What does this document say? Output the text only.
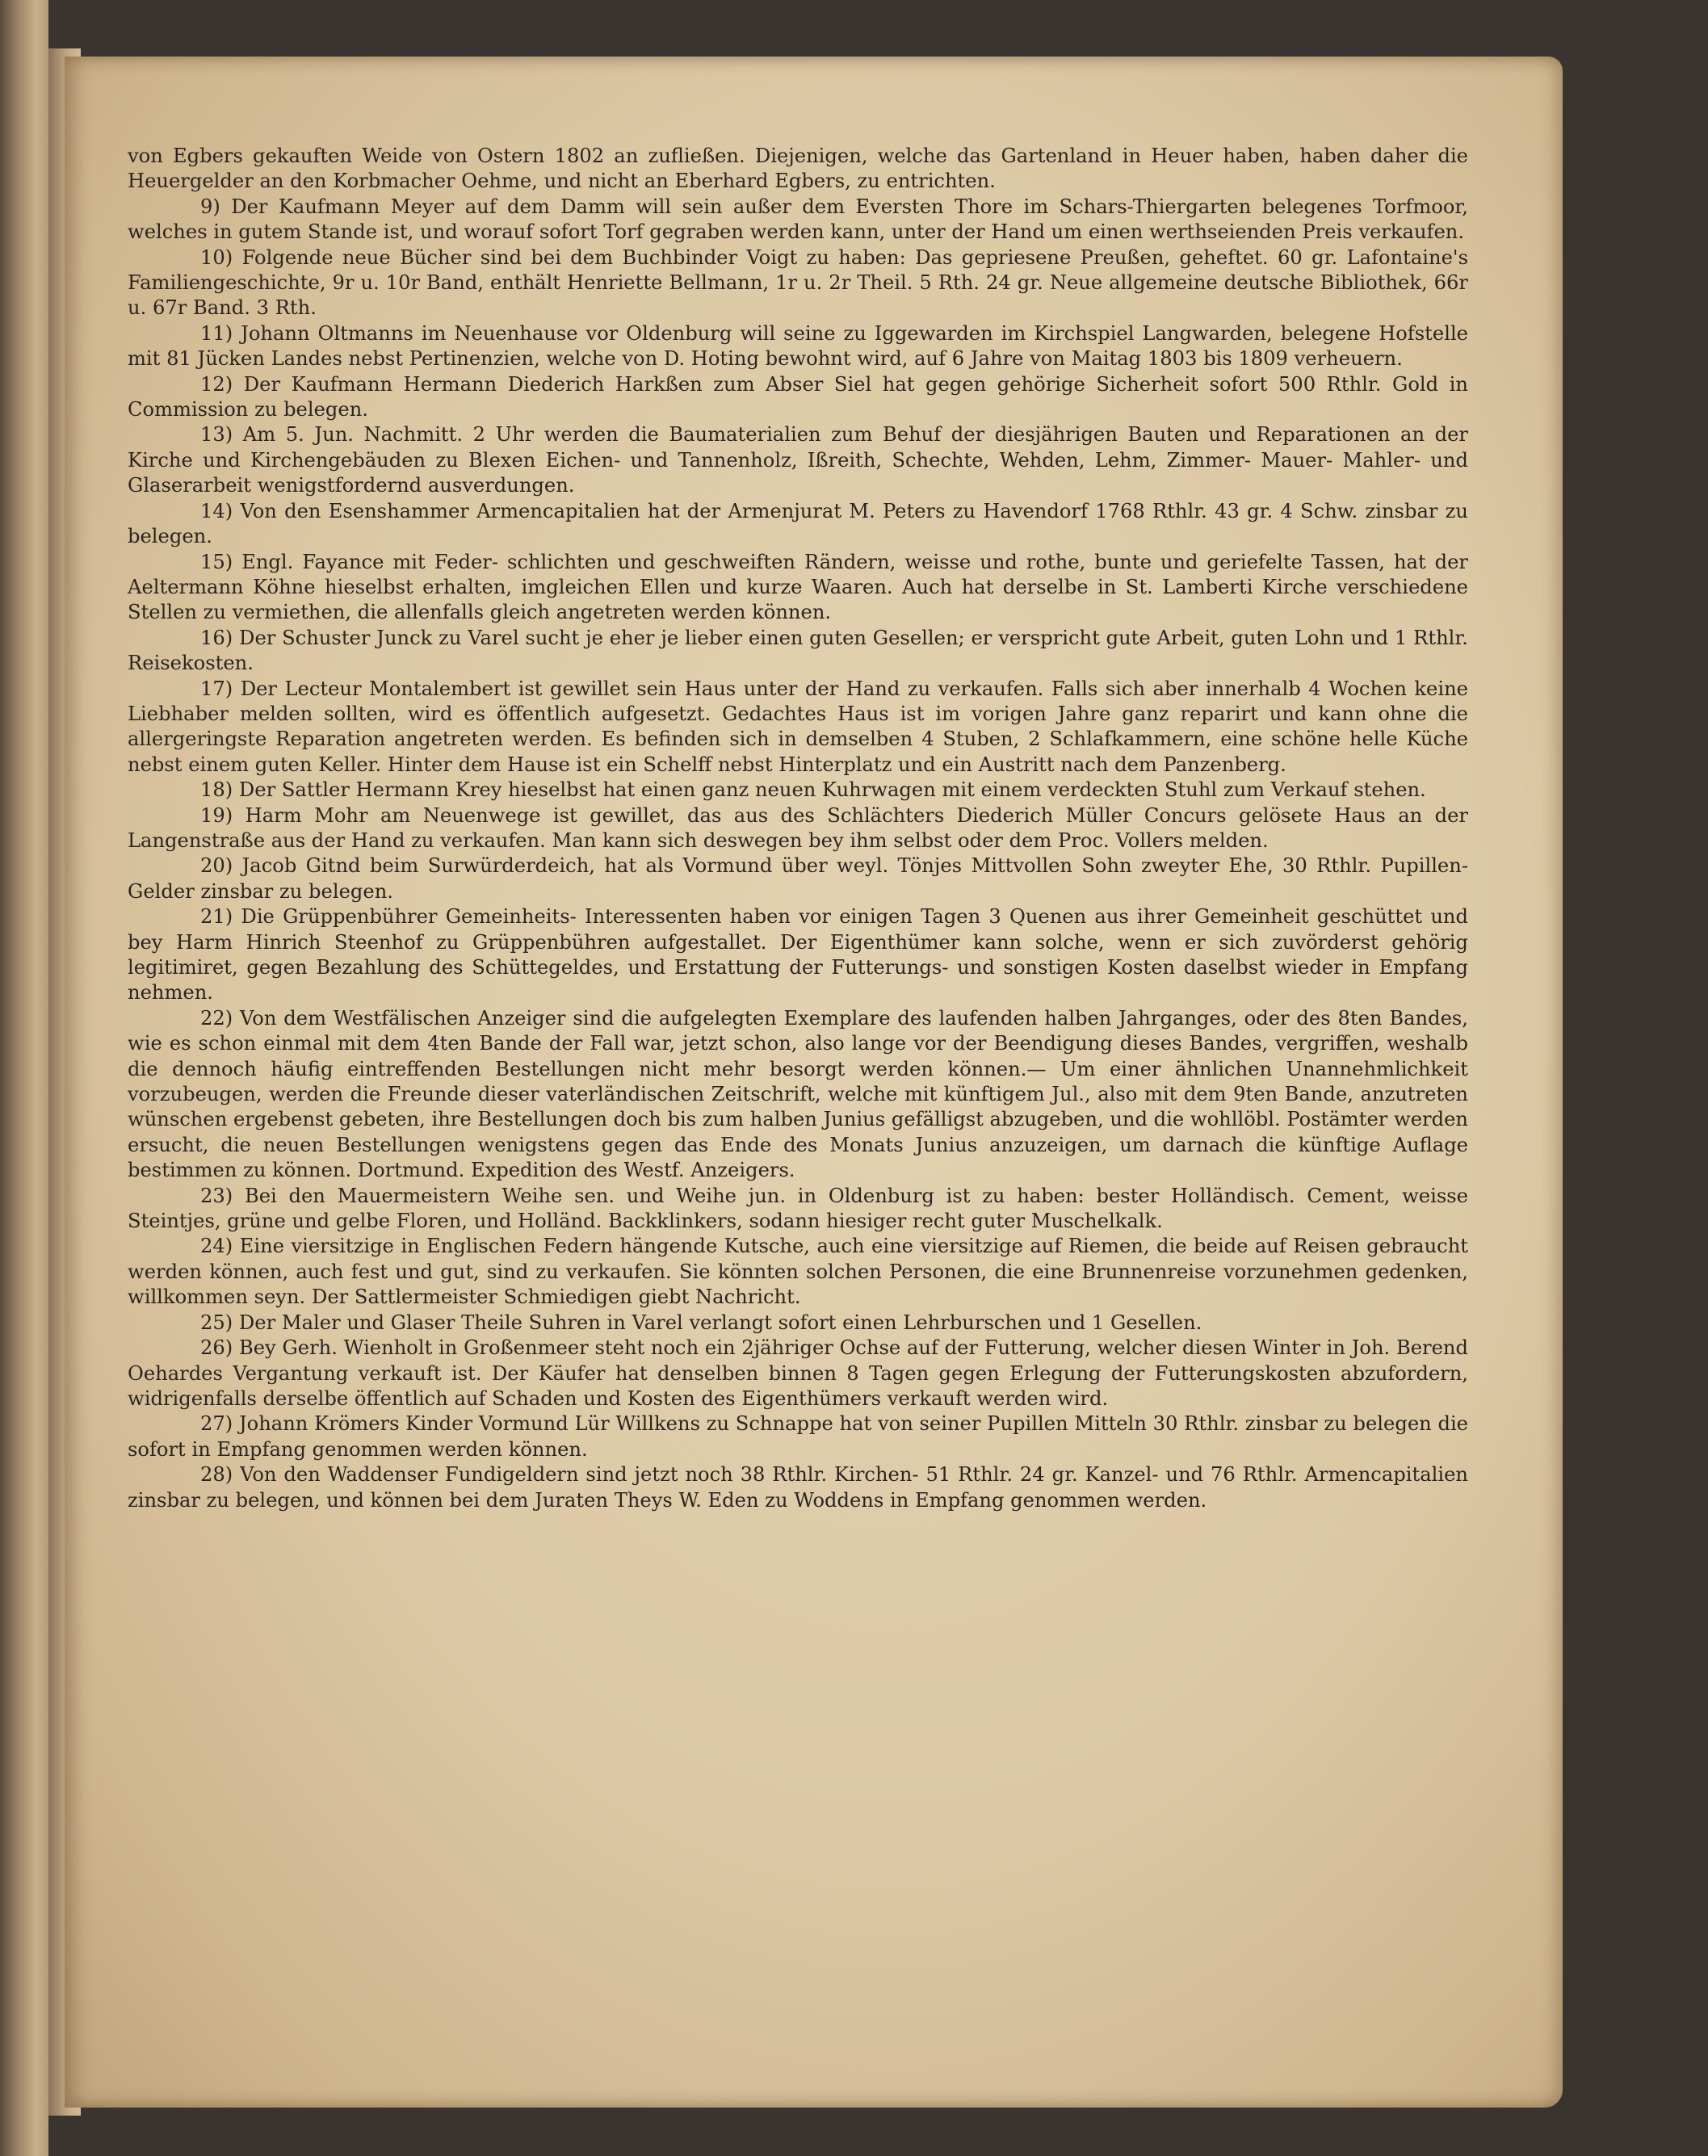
von Egbers gekauften Weide von Ostern 1802 an zufließen. Diejenigen, welche das Gartenland in Heuer haben, haben daher die Heuergelder an den Korbmacher Oehme, und nicht an Eberhard Egbers, zu entrichten.

9) Der Kaufmann Meyer auf dem Damm will sein außer dem Eversten Thore im Schars-Thiergarten belegenes Torfmoor, welches in gutem Stande ist, und worauf sofort Torf gegraben werden kann, unter der Hand um einen werthseienden Preis verkaufen.

10) Folgende neue Bücher sind bei dem Buchbinder Voigt zu haben: Das gepriesene Preußen, geheftet. 60 gr. Lafontaine's Familiengeschichte, 9r u. 10r Band, enthält Henriette Bellmann, 1r u. 2r Theil. 5 Rth. 24 gr. Neue allgemeine deutsche Bibliothek, 66r u. 67r Band. 3 Rth.

11) Johann Oltmanns im Neuenhause vor Oldenburg will seine zu Iggewarden im Kirchspiel Langwarden, belegene Hofstelle mit 81 Jücken Landes nebst Pertinenzien, welche von D. Hoting bewohnt wird, auf 6 Jahre von Maitag 1803 bis 1809 verheuern.

12) Der Kaufmann Hermann Diederich Harkßen zum Abser Siel hat gegen gehörige Sicherheit sofort 500 Rthlr. Gold in Commission zu belegen.

13) Am 5. Jun. Nachmitt. 2 Uhr werden die Baumaterialien zum Behuf der diesjährigen Bauten und Reparationen an der Kirche und Kirchengebäuden zu Blexen Eichen- und Tannenholz, Ißreith, Schechte, Wehden, Lehm, Zimmer- Mauer- Mahler- und Glaserarbeit wenigstfordernd ausverdungen.

14) Von den Esenshammer Armencapitalien hat der Armenjurat M. Peters zu Havendorf 1768 Rthlr. 43 gr. 4 Schw. zinsbar zu belegen.

15) Engl. Fayance mit Feder- schlichten und geschweiften Rändern, weisse und rothe, bunte und geriefelte Tassen, hat der Aeltermann Köhne hieselbst erhalten, imgleichen Ellen und kurze Waaren. Auch hat derselbe in St. Lamberti Kirche verschiedene Stellen zu vermiethen, die allenfalls gleich angetreten werden können.

16) Der Schuster Junck zu Varel sucht je eher je lieber einen guten Gesellen; er verspricht gute Arbeit, guten Lohn und 1 Rthlr. Reisekosten.

17) Der Lecteur Montalembert ist gewillet sein Haus unter der Hand zu verkaufen. Falls sich aber innerhalb 4 Wochen keine Liebhaber melden sollten, wird es öffentlich aufgesetzt. Gedachtes Haus ist im vorigen Jahre ganz reparirt und kann ohne die allergeringste Reparation angetreten werden. Es befinden sich in demselben 4 Stuben, 2 Schlafkammern, eine schöne helle Küche nebst einem guten Keller. Hinter dem Hause ist ein Schelff nebst Hinterplatz und ein Austritt nach dem Panzenberg.

18) Der Sattler Hermann Krey hieselbst hat einen ganz neuen Kuhrwagen mit einem verdeckten Stuhl zum Verkauf stehen.

19) Harm Mohr am Neuenwege ist gewillet, das aus des Schlächters Diederich Müller Concurs gelösete Haus an der Langenstraße aus der Hand zu verkaufen. Man kann sich deswegen bey ihm selbst oder dem Proc. Vollers melden.

20) Jacob Gitnd beim Surwürderdeich, hat als Vormund über weyl. Tönjes Mittvollen Sohn zweyter Ehe, 30 Rthlr. Pupillen-Gelder zinsbar zu belegen.

21) Die Grüppenbührer Gemeinheits- Interessenten haben vor einigen Tagen 3 Quenen aus ihrer Gemeinheit geschüttet und bey Harm Hinrich Steenhof zu Grüppenbühren aufgestallet. Der Eigenthümer kann solche, wenn er sich zuvörderst gehörig legitimiret, gegen Bezahlung des Schüttegeldes, und Erstattung der Futterungs- und sonstigen Kosten daselbst wieder in Empfang nehmen.

22) Von dem Westfälischen Anzeiger sind die aufgelegten Exemplare des laufenden halben Jahrganges, oder des 8ten Bandes, wie es schon einmal mit dem 4ten Bande der Fall war, jetzt schon, also lange vor der Beendigung dieses Bandes, vergriffen, weshalb die dennoch häufig eintreffenden Bestellungen nicht mehr besorgt werden können.— Um einer ähnlichen Unannehmlichkeit vorzubeugen, werden die Freunde dieser vaterländischen Zeitschrift, welche mit künftigem Jul., also mit dem 9ten Bande, anzutreten wünschen ergebenst gebeten, ihre Bestellungen doch bis zum halben Junius gefälligst abzugeben, und die wohllöbl. Postämter werden ersucht, die neuen Bestellungen wenigstens gegen das Ende des Monats Junius anzuzeigen, um darnach die künftige Auflage bestimmen zu können. Dortmund. Expedition des Westf. Anzeigers.

23) Bei den Mauermeistern Weihe sen. und Weihe jun. in Oldenburg ist zu haben: bester Holländisch. Cement, weisse Steintjes, grüne und gelbe Floren, und Holländ. Backklinkers, sodann hiesiger recht guter Muschelkalk.

24) Eine viersitzige in Englischen Federn hängende Kutsche, auch eine viersitzige auf Riemen, die beide auf Reisen gebraucht werden können, auch fest und gut, sind zu verkaufen. Sie könnten solchen Personen, die eine Brunnenreise vorzunehmen gedenken, willkommen seyn. Der Sattlermeister Schmiedigen giebt Nachricht.

25) Der Maler und Glaser Theile Suhren in Varel verlangt sofort einen Lehrburschen und 1 Gesellen.

26) Bey Gerh. Wienholt in Großenmeer steht noch ein 2jähriger Ochse auf der Futterung, welcher diesen Winter in Joh. Berend Oehardes Vergantung verkauft ist. Der Käufer hat denselben binnen 8 Tagen gegen Erlegung der Futterungskosten abzufordern, widrigenfalls derselbe öffentlich auf Schaden und Kosten des Eigenthümers verkauft werden wird.

27) Johann Krömers Kinder Vormund Lür Willkens zu Schnappe hat von seiner Pupillen Mitteln 30 Rthlr. zinsbar zu belegen die sofort in Empfang genommen werden können.

28) Von den Waddenser Fundigeldern sind jetzt noch 38 Rthlr. Kirchen- 51 Rthlr. 24 gr. Kanzel- und 76 Rthlr. Armencapitalien zinsbar zu belegen, und können bei dem Juraten Theys W. Eden zu Woddens in Empfang genommen werden.
